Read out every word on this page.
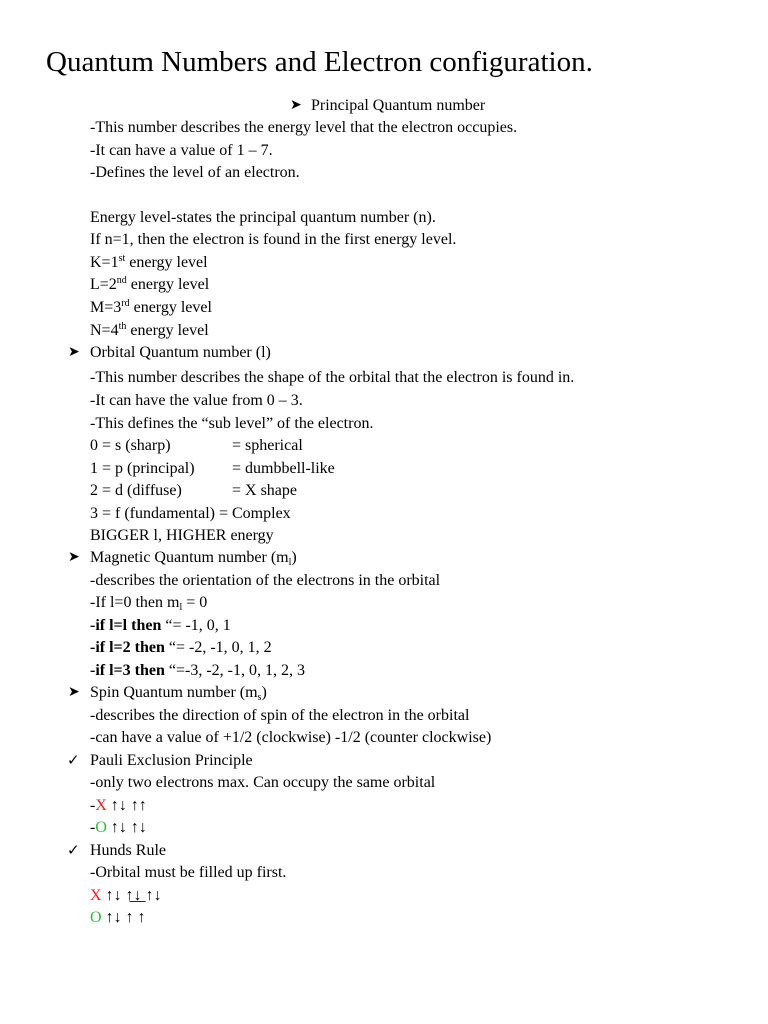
Quantum Numbers and Electron configuration.
➤ Principal Quantum number
-This number describes the energy level that the electron occupies.
-It can have a value of 1 – 7.
-Defines the level of an electron.
Energy level-states the principal quantum number (n).
If n=1, then the electron is found in the first energy level.
K=1st energy level
L=2nd energy level
M=3rd energy level
N=4th energy level
➤ Orbital Quantum number (l)
-This number describes the shape of the orbital that the electron is found in.
-It can have the value from 0 – 3.
-This defines the “sub level” of the electron.
0 = s (sharp)	= spherical
1 = p (principal) = dumbbell-like
2 = d (diffuse)	= X shape
3 = f (fundamental) = Complex
BIGGER l, HIGHER energy
➤ Magnetic Quantum number $(m_l)$
-describes the orientation of the electrons in the orbital
-If l=0 then $m_l = 0$
-if l=l then “= -1, 0, 1
-if l=2 then “= -2, -1, 0, 1, 2
-if l=3 then “=-3, -2, -1, 0, 1, 2, 3
➤ Spin Quantum number $(m_s)$
-describes the direction of spin of the electron in the orbital
-can have a value of +1/2 (clockwise) -1/2 (counter clockwise)
✓ Pauli Exclusion Principle
-only two electrons max. Can occupy the same orbital
-X ↑↓ ↑↑
-O ↑↓ ↑↓
✓ Hunds Rule
-Orbital must be filled up first.
X ↑↓ ↑̲↓̲ ↑↓
O ↑↓ ↑ ↑
